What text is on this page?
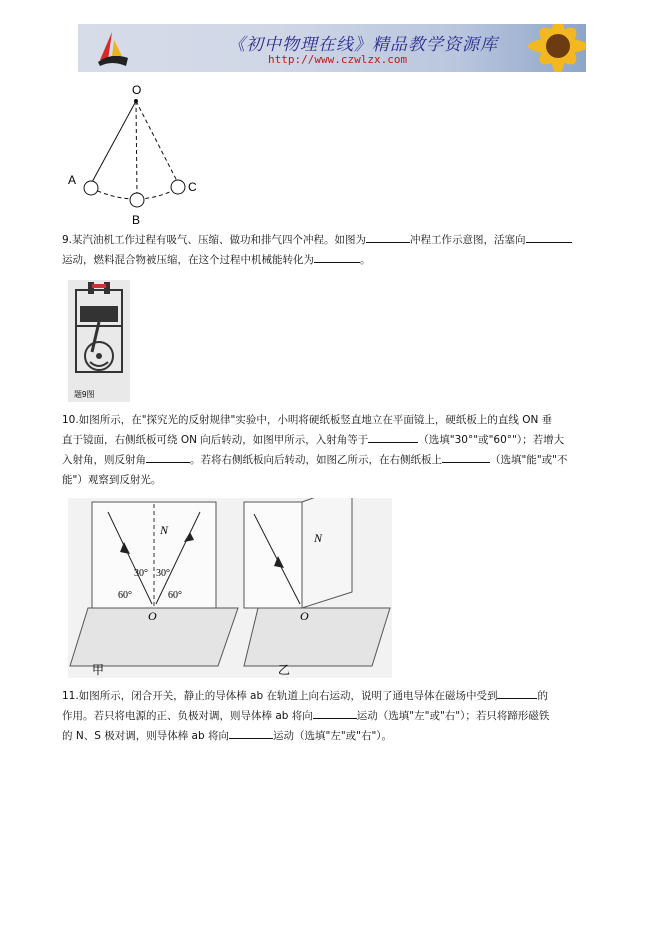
《初中物理在线》精品教学资源库
http://www.czwlzx.com
O
A
B
C
9.某汽油机工作过程有吸气、压缩、做功和排气四个冲程。如图为	冲程工作示意图，活塞向
运动，燃料混合物被压缩，在这个过程中机械能转化为	。
题9图
10.如图所示，在"探究光的反射规律"实验中，小明将硬纸板竖直地立在平面镜上，硬纸板上的直线 ON 垂
直于镜面，右侧纸板可绕 ON 向后转动，如图甲所示，入射角等于	（选填"30°"或"60°"）；若增大
入射角，则反射角	。若将右侧纸板向后转动，如图乙所示，在右侧纸板上	（选填"能"或"不
能"）观察到反射光。
N
30° 30°
60°	60°
O
甲
N
O
乙
11.如图所示，闭合开关，静止的导体棒 ab 在轨道上向右运动，说明了通电导体在磁场中受到	的
作用。若只将电源的正、负极对调，则导体棒 ab 将向	运动（选填"左"或"右"）；若只将蹄形磁铁
的 N、S 极对调，则导体棒 ab 将向	运动（选填"左"或"右"）。
